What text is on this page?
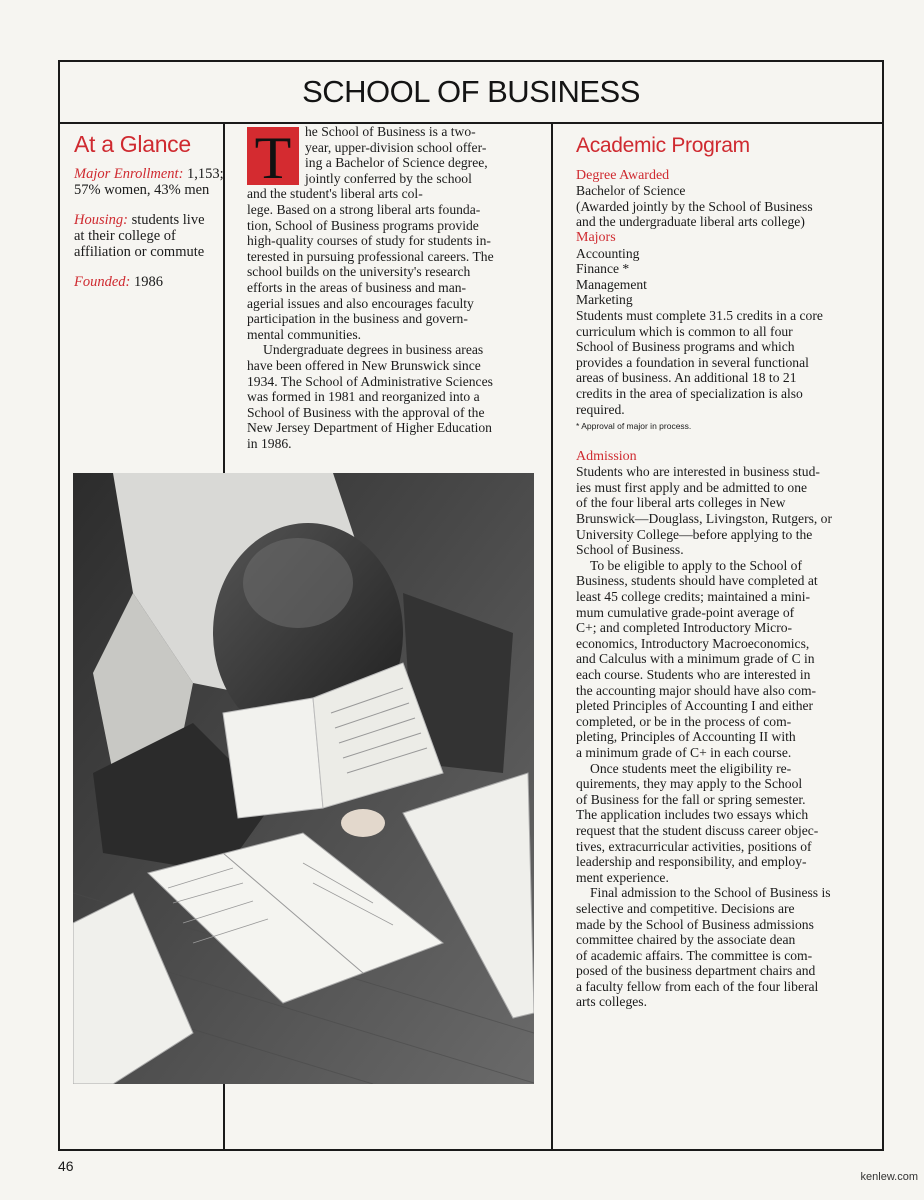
SCHOOL OF BUSINESS
At a Glance

Major Enrollment: 1,153;
57% women, 43% men

Housing: students live
at their college of
affiliation or commute

Founded: 1986

T	he School of Business is a two-
year, upper-division school offer-
ing a Bachelor of Science degree,
jointly conferred by the school
and the student's liberal arts col-
lege. Based on a strong liberal arts founda-
tion, School of Business programs provide
high-quality courses of study for students in-
terested in pursuing professional careers. The
school builds on the university's research
efforts in the areas of business and man-
agerial issues and also encourages faculty
participation in the business and govern-
mental communities.

Undergraduate degrees in business areas
have been offered in New Brunswick since
1934. The School of Administrative Sciences
was formed in 1981 and reorganized into a
School of Business with the approval of the
New Jersey Department of Higher Education
in 1986.

Academic Program
Degree Awarded
Bachelor of Science
(Awarded jointly by the School of Business
and the undergraduate liberal arts college)
Majors
Accounting
Finance *
Management
Marketing
Students must complete 31.5 credits in a core
curriculum which is common to all four
School of Business programs and which
provides a foundation in several functional
areas of business. An additional 18 to 21
credits in the area of specialization is also
required.
* Approval of major in process.
Admission

Students who are interested in business stud-
ies must first apply and be admitted to one
of the four liberal arts colleges in New
Brunswick—Douglass, Livingston, Rutgers, or
University College—before applying to the
School of Business.

To be eligible to apply to the School of
Business, students should have completed at
least 45 college credits; maintained a mini-
mum cumulative grade-point average of
C+; and completed Introductory Micro-
economics, Introductory Macroeconomics,
and Calculus with a minimum grade of C in
each course. Students who are interested in
the accounting major should have also com-
pleted Principles of Accounting I and either
completed, or be in the process of com-
pleting, Principles of Accounting II with
a minimum grade of C+ in each course.

Once students meet the eligibility re-
quirements, they may apply to the School
of Business for the fall or spring semester.
The application includes two essays which
request that the student discuss career objec-
tives, extracurricular activities, positions of
leadership and responsibility, and employ-
ment experience.

Final admission to the School of Business is
selective and competitive. Decisions are
made by the School of Business admissions
committee chaired by the associate dean
of academic affairs. The committee is com-
posed of the business department chairs and
a faculty fellow from each of the four liberal
arts colleges.

46
kenlew.com
